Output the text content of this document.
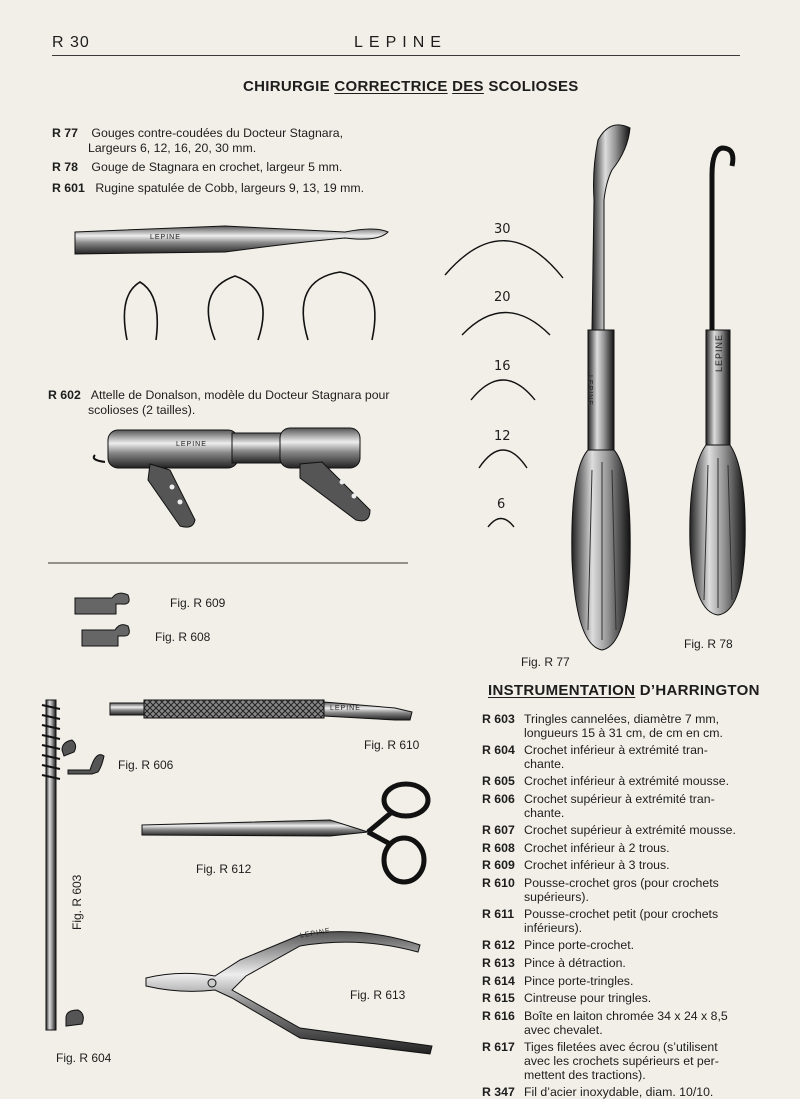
R 30	LEPINE
CHIRURGIE CORRECTRICE DES SCOLIOSES
R 77 Gouges contre-coudées du Docteur Stagnara,
Largeurs 6, 12, 16, 20, 30 mm.
R 78 Gouge de Stagnara en crochet, largeur 5 mm.
R 601 Rugine spatulée de Cobb, largeurs 9, 13, 19 mm.
R 602 Attelle de Donalson, modèle du Docteur Stagnara pour
scolioses (2 tailles).
LEPINE
LEPINE
LEPINE
LEPINE
LEPINE
LEPINE
30
20
16
12
6
Fig. R 609
Fig. R 608
Fig. R 606
Fig. R 610
Fig. R 612
Fig. R 613
Fig. R 604
Fig. R 603
Fig. R 77
Fig. R 78
INSTRUMENTATION D’HARRINGTON
R 603 Tringles cannelées, diamètre 7 mm,
longueurs 15 à 31 cm, de cm en cm.
R 604 Crochet inférieur à extrémité tran-
chante.
R 605 Crochet inférieur à extrémité mousse.
R 606 Crochet supérieur à extrémité tran-
chante.
R 607 Crochet supérieur à extrémité mousse.
R 608 Crochet inférieur à 2 trous.
R 609 Crochet inférieur à 3 trous.
R 610 Pousse-crochet gros (pour crochets
supérieurs).
R 611 Pousse-crochet petit (pour crochets
inférieurs).
R 612 Pince porte-crochet.
R 613 Pince à détraction.
R 614 Pince porte-tringles.
R 615 Cintreuse pour tringles.
R 616 Boîte en laiton chromée 34 x 24 x 8,5
avec chevalet.
R 617 Tiges filetées avec écrou (s’utilisent
avec les crochets supérieurs et per-
mettent des tractions).
R 347 Fil d’acier inoxydable, diam. 10/10.
